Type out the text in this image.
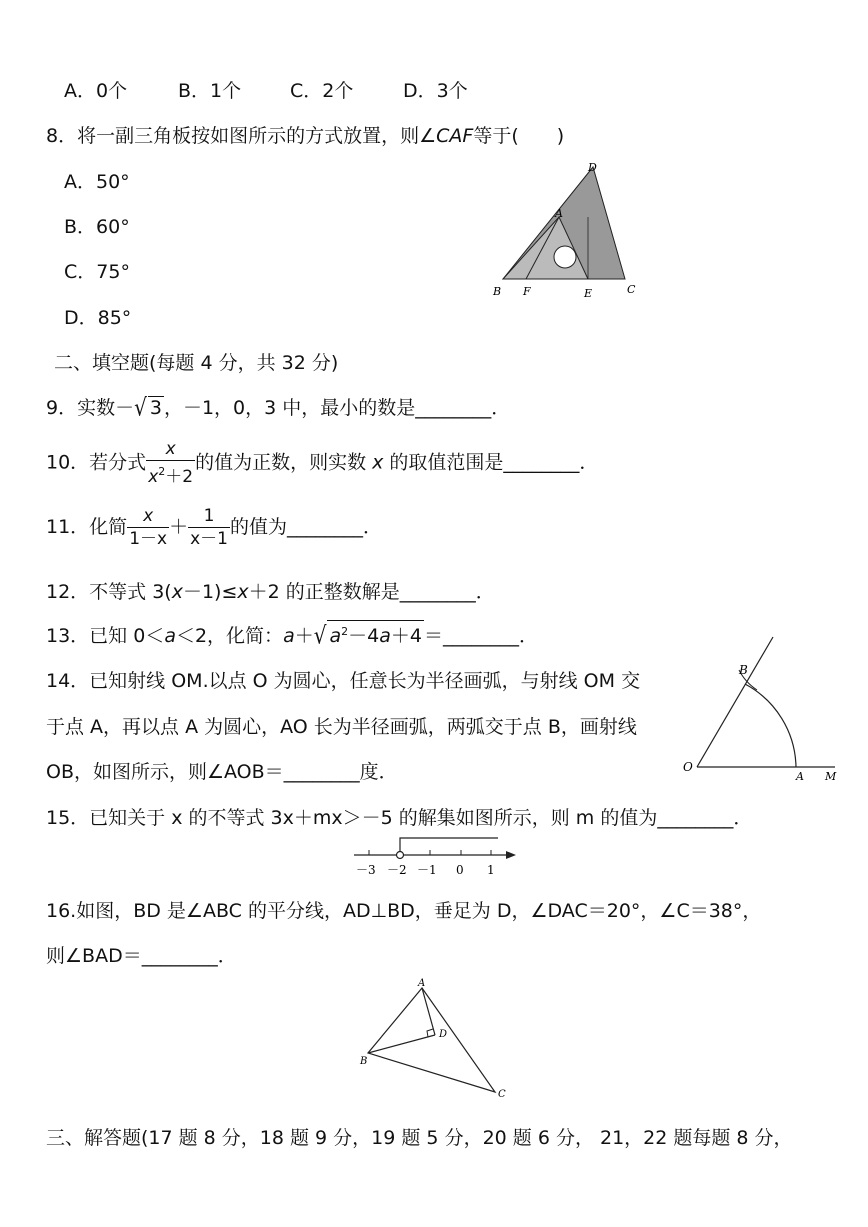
A．0个	B．1个	C．2个	D．3个
8．将一副三角板按如图所示的方式放置，则∠CAF等于(　　)
A．50°
B．60°
C．75°
D．85°
D
A
B F	E	C
二、填空题(每题 4 分，共 32 分)
9．实数－√ 3 ，－1，0，3 中，最小的数是________．
10．若分式 $\frac{x}{x^2+2}$ 的值为正数，则实数 x 的取值范围是________．
11．化简 $\frac{x}{1-x} + \frac{1}{x-1}$ 的值为________．
12．不等式 3(x－1)≤x＋2 的正整数解是________．
13．已知 0＜a＜2，化简：a＋√ $a^2-4a+4$ ＝________．
14．已知射线 OM.以点 O 为圆心，任意长为半径画弧，与射线 OM 交
于点 A，再以点 A 为圆心，AO 长为半径画弧，两弧交于点 B，画射线
OB，如图所示，则∠AOB＝________度．
B
O
A M
15．已知关于 x 的不等式 3x＋mx＞－5 的解集如图所示，则 m 的值为________．
－3 －2 －1 0 1
16.如图，BD 是∠ABC 的平分线，AD⊥BD，垂足为 D，∠DAC＝20°，∠C＝38°，
则∠BAD＝________．
A
D
B
C
三、解答题(17 题 8 分，18 题 9 分，19 题 5 分，20 题 6 分， 21，22 题每题 8 分，
